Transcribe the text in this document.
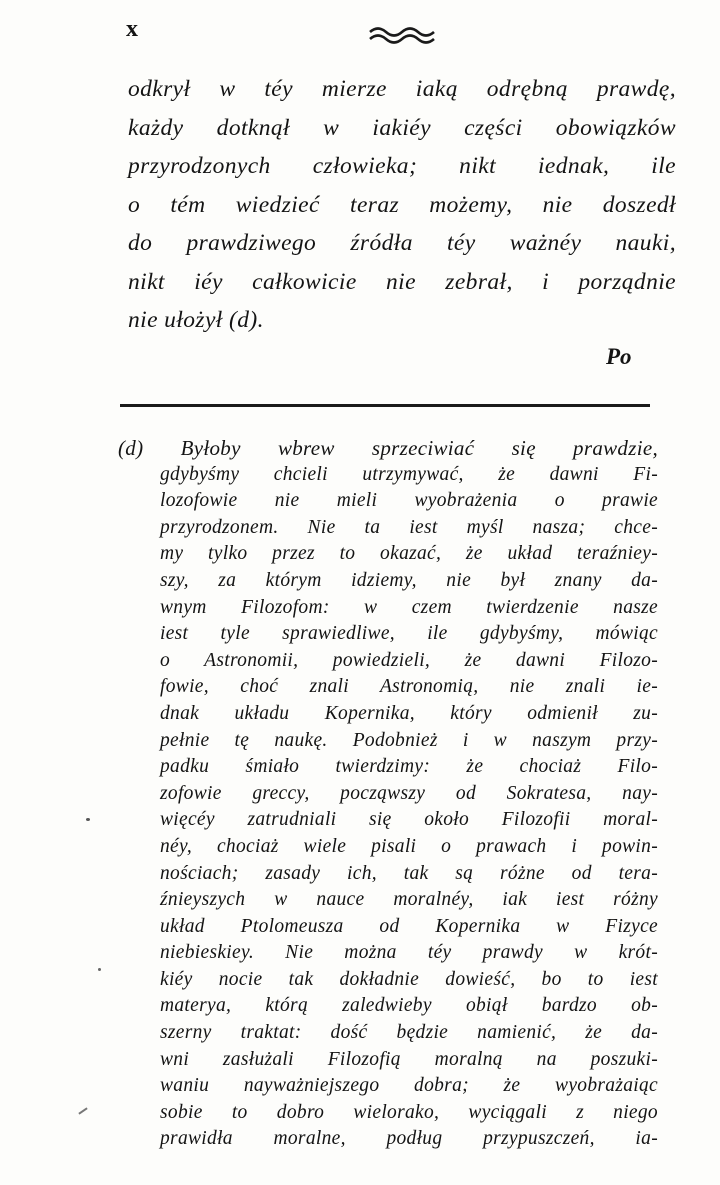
x
odkrył w téy mierze iaką odrębną prawdę,
każdy dotknął w iakiéy części obowiązków
przyrodzonych człowieka; nikt iednak, ile
o tém wiedzieć teraz możemy, nie doszedł
do prawdziwego źródła téy ważnéy nauki,
nikt iéy całkowicie nie zebrał, i porządnie
nie ułożył (d).
Po
(d) Byłoby wbrew sprzeciwiać się prawdzie,
gdybyśmy chcieli utrzymywać, że dawni Fi-
lozofowie nie mieli wyobrażenia o prawie
przyrodzonem. Nie ta iest myśl nasza; chce-
my tylko przez to okazać, że układ teraźniey-
szy, za którym idziemy, nie był znany da-
wnym Filozofom: w czem twierdzenie nasze
iest tyle sprawiedliwe, ile gdybyśmy, mówiąc
o Astronomii, powiedzieli, że dawni Filozo-
fowie, choć znali Astronomią, nie znali ie-
dnak układu Kopernika, który odmienił zu-
pełnie tę naukę. Podobnież i w naszym przy-
padku śmiało twierdzimy: że chociaż Filo-
zofowie greccy, począwszy od Sokratesa, nay-
więcéy zatrudniali się około Filozofii moral-
néy, chociaż wiele pisali o prawach i powin-
nościach; zasady ich, tak są różne od tera-
źnieyszych w nauce moralnéy, iak iest różny
układ Ptolomeusza od Kopernika w Fizyce
niebieskiey. Nie można téy prawdy w krót-
kiéy nocie tak dokładnie dowieść, bo to iest
materya, którą zaledwieby obiął bardzo ob-
szerny traktat: dość będzie namienić, że da-
wni zasłużali Filozofią moralną na poszuki-
waniu nayważniejszego dobra; że wyobrażaiąc
sobie to dobro wielorako, wyciągali z niego
prawidła moralne, podług przypuszczeń, ia-
